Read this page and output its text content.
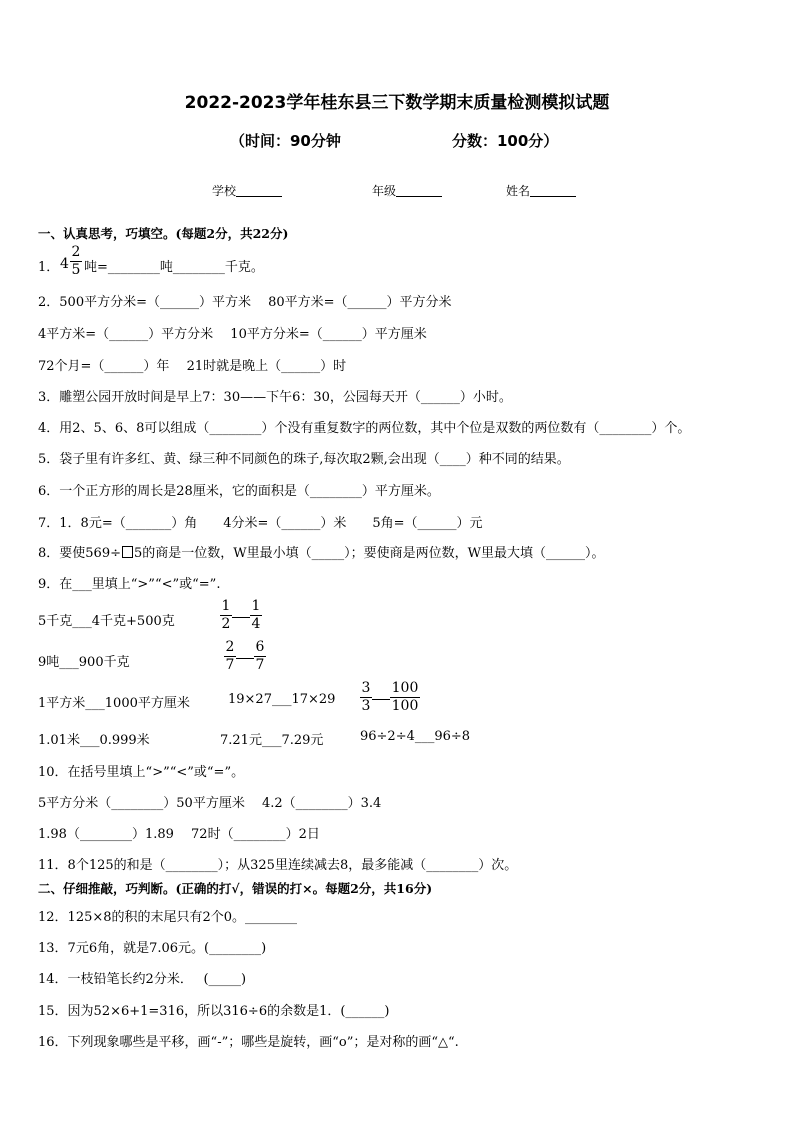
2022-2023学年桂东县三下数学期末质量检测模拟试题
（时间：90分钟	分数：100分）
学校	年级	姓名
一、认真思考，巧填空。(每题2分，共22分)
1． 4
2
5 吨=________吨________千克。
2．500平方分米=（______）平方米　 80平方米=（______）平方分米
4平方米=（______）平方分米　 10平方分米=（______）平方厘米
72个月=（______）年　 21时就是晚上（______）时
3．雕塑公园开放时间是早上7：30——下午6：30，公园每天开（______）小时。
4．用2、5、6、8可以组成（________）个没有重复数字的两位数，其中个位是双数的两位数有（________）个。
5．袋子里有许多红、黄、绿三种不同颜色的珠子,每次取2颗,会出现（____）种不同的结果。
6．一个正方形的周长是28厘米，它的面积是（________）平方厘米。
7．1．8元=（_______）角　　4分米=（______）米　　5角=（______）元
8．要使569÷ 5的商是一位数，W里最小填（_____）；要使商是两位数，W里最大填（______）。
9．在___里填上“>”“<”或“=”.
5千克___4千克+500克
1
2
1
4
9吨___900千克
2
7
6
7
1平方米___1000平方厘米	19×27___17×29
3
3
100
100
1.01米___0.999米	7.21元___7.29元	96÷2÷4___96÷8
10．在括号里填上“>”“<”或“=”。
5平方分米（________）50平方厘米　 4.2（________）3.4
1.98（________）1.89　 72时（________）2日
11．8个125的和是（________）；从325里连续减去8，最多能减（________）次。
二、仔细推敲，巧判断。(正确的打√，错误的打×。每题2分，共16分)
12．125×8的积的末尾只有2个0。________
13．7元6角，就是7.06元。(________)
14．一枝铅笔长约2分米．　 (_____)
15．因为52×6+1=316，所以316÷6的余数是1．(______)
16．下列现象哪些是平移，画“-”；哪些是旋转，画“o”；是对称的画“△“.
